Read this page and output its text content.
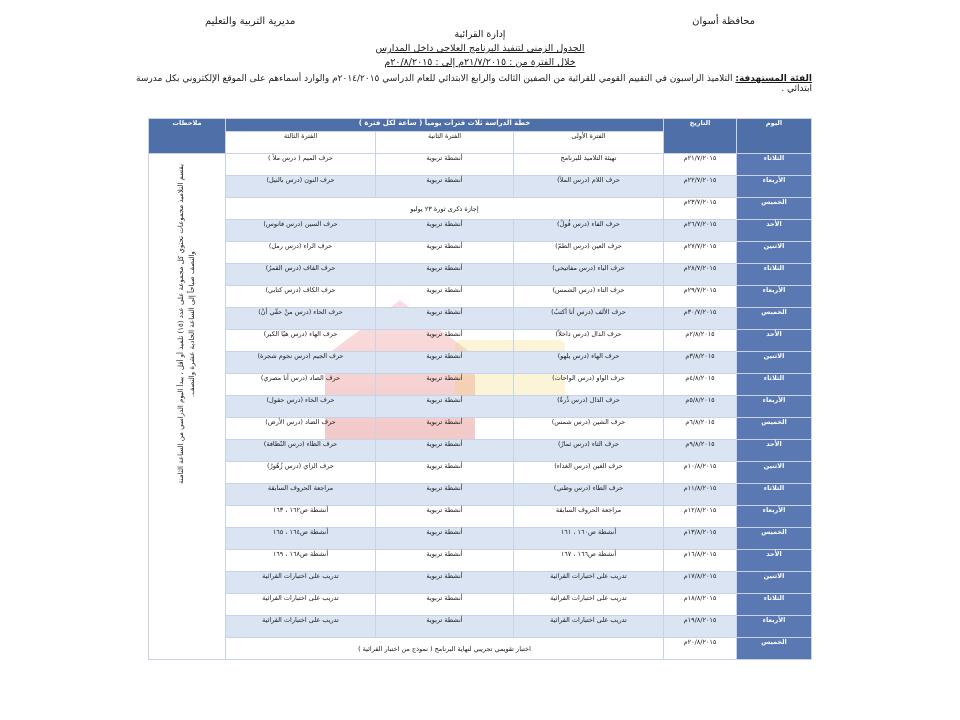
محافظة أسوان
مديرية التربية والتعليم
إدارة القرائية
الجدول الزمني لتنفيذ البرنامج العلاجي داخل المدارس
خلال الفترة من : ٢١/٧/٢٠١٥م إلى : ٢٠/٨/٢٠١٥م
الفئة المستهدفة: التلاميذ الراسبون في التقييم القومي للقرائية من الصفين الثالث والرابع الابتدائي للعام الدراسي ٢٠١٤/٢٠١٥م والوارد أسماءهم على الموقع الإلكتروني بكل مدرسة ابتدائي .
اليوم	التاريخ	خطة الدراسة ثلاث فترات يومياً ( ساعة لكل فترة )			ملاحظات
		الفترة الأولى	الفترة الثانية	الفترة الثالثة	
الثلاثاء	٢١/٧/٢٠١٥م	تهيئة التلاميذ للبرنامج	أنشطة تربوية	حرف الميم ( درس ملأ )	يقسم التلاميذ مجموعات تحتوي كل مجموعة على عدد (١٥) تلميذ أو أقل ، يبدأ اليوم الدراسي من الساعة الثامنة والنصف صباحاً إلى الساعة الحادية عشرة والنصف.

الأربعاء	٢٢/٧/٢٠١٥م	حرف اللام (درس الملأ)	أنشطة تربوية	حرف النون (درس بالنيل)	
الخميس	٢٣/٧/٢٠١٥م	إجازة ذكرى ثورة ٢٣ يوليو			
الأحد	٢٦/٧/٢٠١٥م	حرف الفاء (درس فُولٌ)	أنشطة تربوية	حرف السين (درس فانوس)	
الاثنين	٢٧/٧/٢٠١٥م	حرف العين (درس الطمّ)	أنشطة تربوية	حرف الراء (درس رمل)	
الثلاثاء	٢٨/٧/٢٠١٥م	حرف الباء (درس مفاتيحي)	أنشطة تربوية	حرف القاف (درس القمرُ)	
الأربعاء	٢٩/٧/٢٠١٥م	حرف التاء (درس الشمس)	أنشطة تربوية	حرف الكاف (درس كتابي)	
الخميس	٣٠/٧/٢٠١٥م	حرف الألف (درس أنا أكتبُ)	أنشطة تربوية	حرف الحاء (درس منْ حقّي أنْ)	
الأحد	٢/٨/٢٠١٥م	حرف الدال (درس داخلاً)	أنشطة تربوية	حرف الهاء (درس هيّا الكبر)	
الاثنين	٣/٨/٢٠١٥م	حرف الهاء (درس يلهو)	أنشطة تربوية	حرف الجيم (درس نجوم شجرة)	
الثلاثاء	٤/٨/٢٠١٥م	حرف الواو (درس الواحات)	أنشطة تربوية	حرف الصاد (درس أنا مصري)	
الأربعاء	٥/٨/٢٠١٥م	حرف الذال (درس ذُرةٌ)	أنشطة تربوية	حرف الخاء (درس حقول)	
الخميس	٦/٨/٢٠١٥م	حرف الشين (درس شمس)	أنشطة تربوية	حرف الضاد (درس الأرض)	
الأحد	٩/٨/٢٠١٥م	حرف الثاء (درس ثمارٌ)	أنشطة تربوية	حرف الظاء (درس النّظافة)	
الاثنين	١٠/٨/٢٠١٥م	حرف الغين (درس الغذاء)	أنشطة تربوية	حرف الزاي (درس زُهُورٌ)	
الثلاثاء	١١/٨/٢٠١٥م	حرف الطاء (درس وطني)	أنشطة تربوية	مراجعة الحروف السابقة	
الأربعاء	١٢/٨/٢٠١٥م	مراجعة الحروف السابقة	أنشطة تربوية	أنشطة ص١٦٢ ، ١٦٣	
الخميس	١٣/٨/٢٠١٥م	أنشطة ص١٦٠ ، ١٦١	أنشطة تربوية	أنشطة ص١٦٤ ، ١٦٥	
الأحد	١٦/٨/٢٠١٥م	أنشطة ص١٦٦ ، ١٦٧	أنشطة تربوية	أنشطة ص١٦٨ ، ١٦٩	
الاثنين	١٧/٨/٢٠١٥م	تدريب على اختبارات القرائية	أنشطة تربوية	تدريب على اختبارات القرائية	
الثلاثاء	١٨/٨/٢٠١٥م	تدريب على اختبارات القرائية	أنشطة تربوية	تدريب على اختبارات القرائية	
الأربعاء	١٩/٨/٢٠١٥م	تدريب على اختبارات القرائية	أنشطة تربوية	تدريب على اختبارات القرائية	
الخميس	٢٠/٨/٢٠١٥م	اختبار تقويمي تجريبي لنهاية البرنامج ( نموذج من اختبار القرائية )			
